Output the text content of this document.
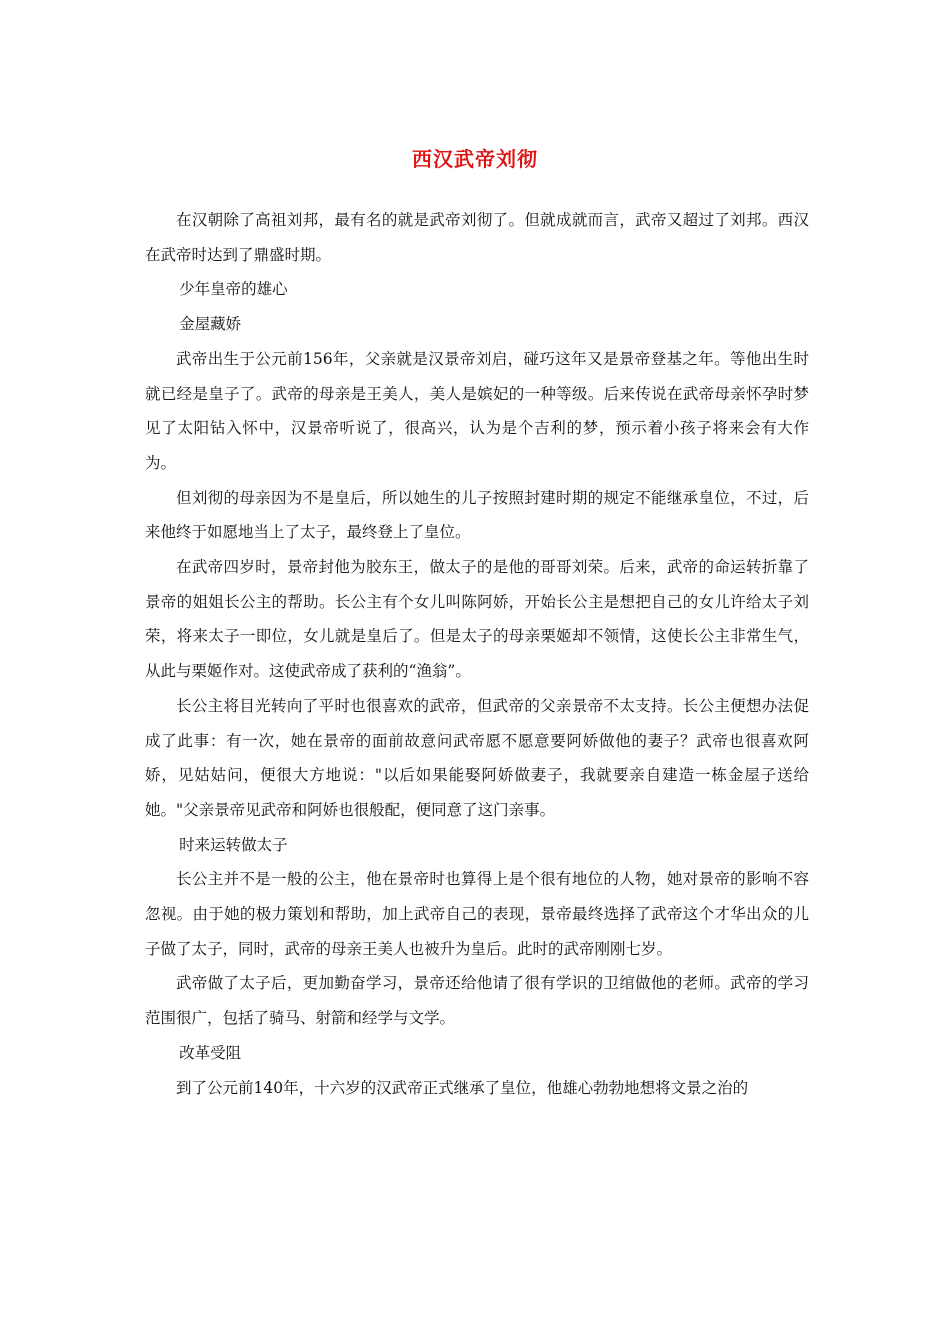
西汉武帝刘彻

在汉朝除了高祖刘邦，最有名的就是武帝刘彻了。但就成就而言，武帝又超过了刘邦。西汉在武帝时达到了鼎盛时期。

少年皇帝的雄心

金屋藏娇

武帝出生于公元前156年，父亲就是汉景帝刘启，碰巧这年又是景帝登基之年。等他出生时就已经是皇子了。武帝的母亲是王美人，美人是嫔妃的一种等级。后来传说在武帝母亲怀孕时梦见了太阳钻入怀中，汉景帝听说了，很高兴，认为是个吉利的梦，预示着小孩子将来会有大作为。

但刘彻的母亲因为不是皇后，所以她生的儿子按照封建时期的规定不能继承皇位，不过，后来他终于如愿地当上了太子，最终登上了皇位。

在武帝四岁时，景帝封他为胶东王，做太子的是他的哥哥刘荣。后来，武帝的命运转折靠了景帝的姐姐长公主的帮助。长公主有个女儿叫陈阿娇，开始长公主是想把自己的女儿许给太子刘荣，将来太子一即位，女儿就是皇后了。但是太子的母亲栗姬却不领情，这使长公主非常生气，从此与栗姬作对。这使武帝成了获利的“渔翁”。

长公主将目光转向了平时也很喜欢的武帝，但武帝的父亲景帝不太支持。长公主便想办法促成了此事：有一次，她在景帝的面前故意问武帝愿不愿意要阿娇做他的妻子？武帝也很喜欢阿娇，见姑姑问，便很大方地说："以后如果能娶阿娇做妻子，我就要亲自建造一栋金屋子送给她。"父亲景帝见武帝和阿娇也很般配，便同意了这门亲事。

时来运转做太子

长公主并不是一般的公主，他在景帝时也算得上是个很有地位的人物，她对景帝的影响不容忽视。由于她的极力策划和帮助，加上武帝自己的表现，景帝最终选择了武帝这个才华出众的儿子做了太子，同时，武帝的母亲王美人也被升为皇后。此时的武帝刚刚七岁。

武帝做了太子后，更加勤奋学习，景帝还给他请了很有学识的卫绾做他的老师。武帝的学习范围很广，包括了骑马、射箭和经学与文学。

改革受阻

到了公元前140年，十六岁的汉武帝正式继承了皇位，他雄心勃勃地想将文景之治的
